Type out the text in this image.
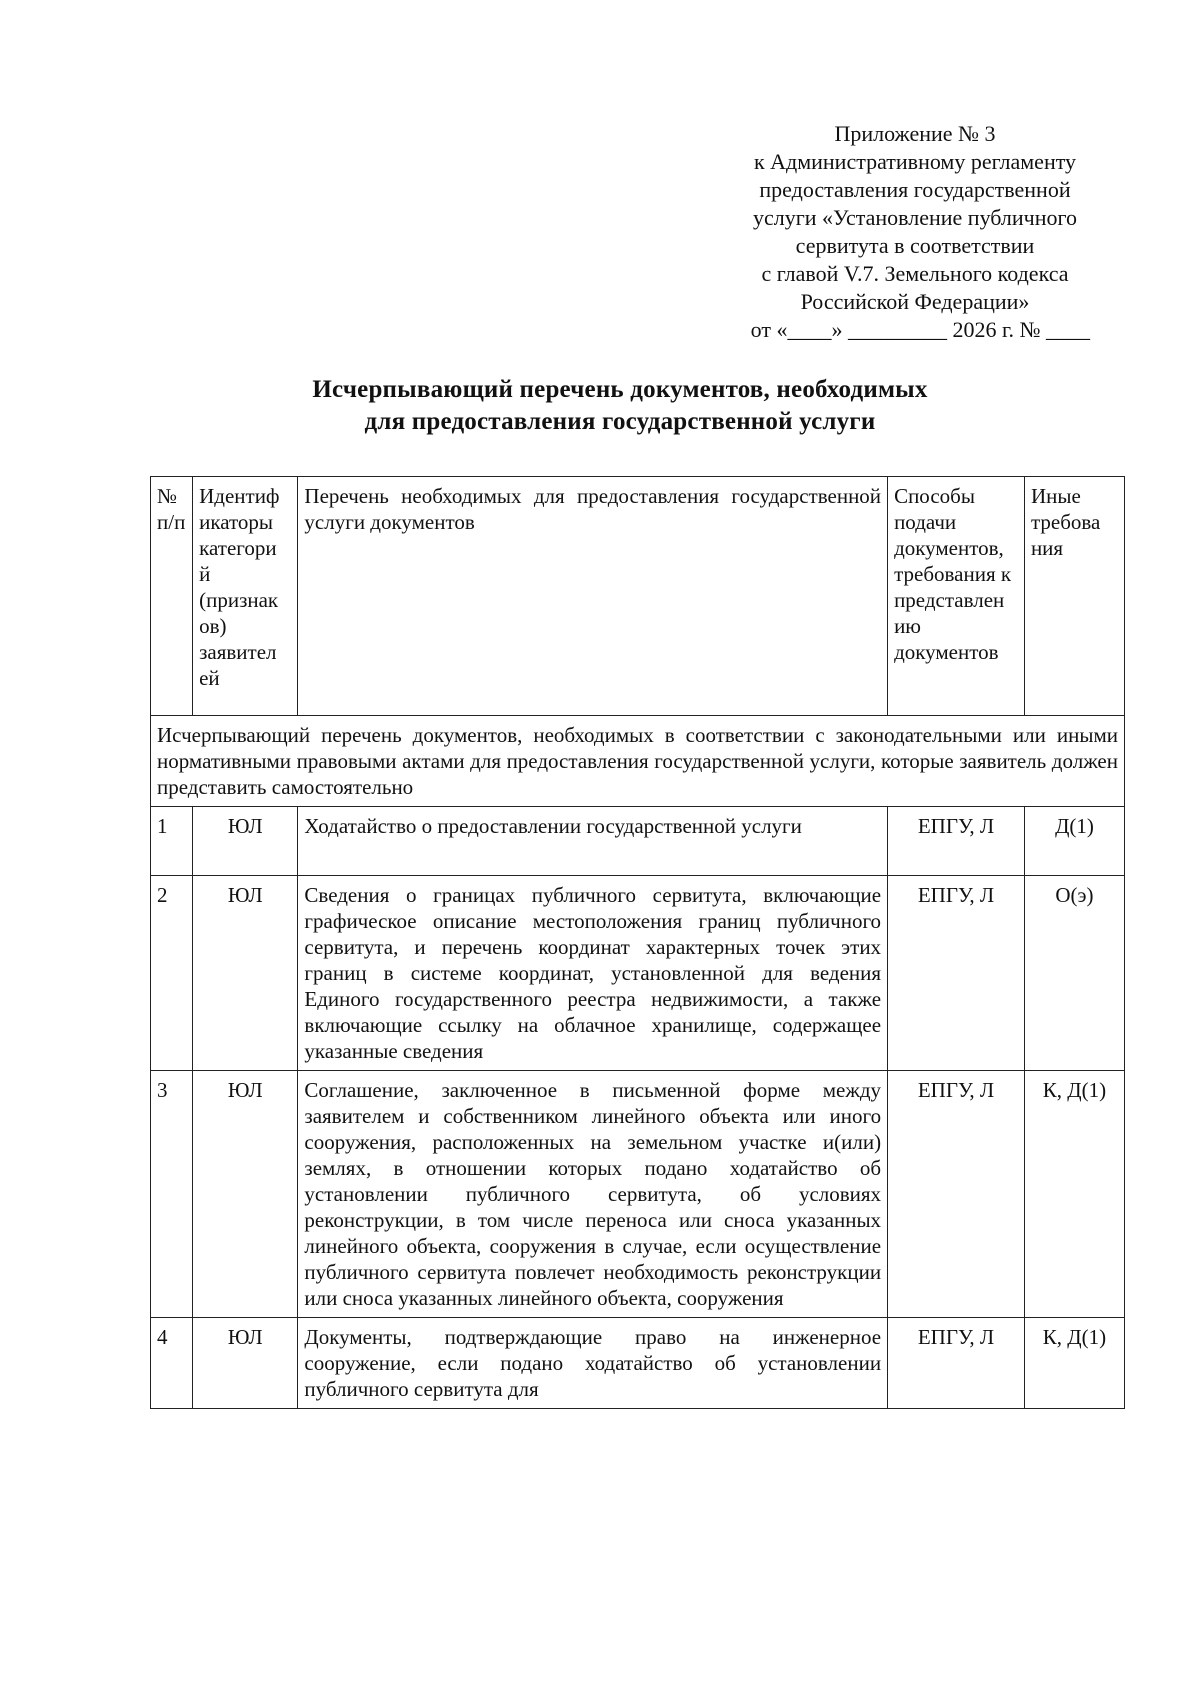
Приложение № 3
к Административному регламенту
предоставления государственной
услуги «Установление публичного
сервитута в соответствии
с главой V.7. Земельного кодекса
Российской Федерации»
от «____» _________ 2026 г. № ____
Исчерпывающий перечень документов, необходимых
для предоставления государственной услуги
№ п/п	Идентиф икаторы категори й (признак ов) заявител ей	Перечень необходимых для предоставления государственной услуги документов	Способы подачи документов, требования к представлен ию документов	Иные требова ния
Исчерпывающий перечень документов, необходимых в соответствии с законодательными или иными нормативными правовыми актами для предоставления государственной услуги, которые заявитель должен представить самостоятельно				
1	ЮЛ	Ходатайство о предоставлении государственной услуги	ЕПГУ, Л	Д(1)
2	ЮЛ	Сведения о границах публичного сервитута, включающие графическое описание местоположения границ публичного сервитута, и перечень координат характерных точек этих границ в системе координат, установленной для ведения Единого государственного реестра недвижимости, а также включающие ссылку на облачное хранилище, содержащее указанные сведения	ЕПГУ, Л	О(э)
3	ЮЛ	Соглашение, заключенное в письменной форме между заявителем и собственником линейного объекта или иного сооружения, расположенных на земельном участке и(или) землях, в отношении которых подано ходатайство об установлении публичного сервитута, об условиях реконструкции, в том числе переноса или сноса указанных линейного объекта, сооружения в случае, если осуществление публичного сервитута повлечет необходимость реконструкции или сноса указанных линейного объекта, сооружения	ЕПГУ, Л	К, Д(1)
4	ЮЛ	Документы, подтверждающие право на инженерное сооружение, если подано ходатайство об установлении публичного сервитута для	ЕПГУ, Л	К, Д(1)
